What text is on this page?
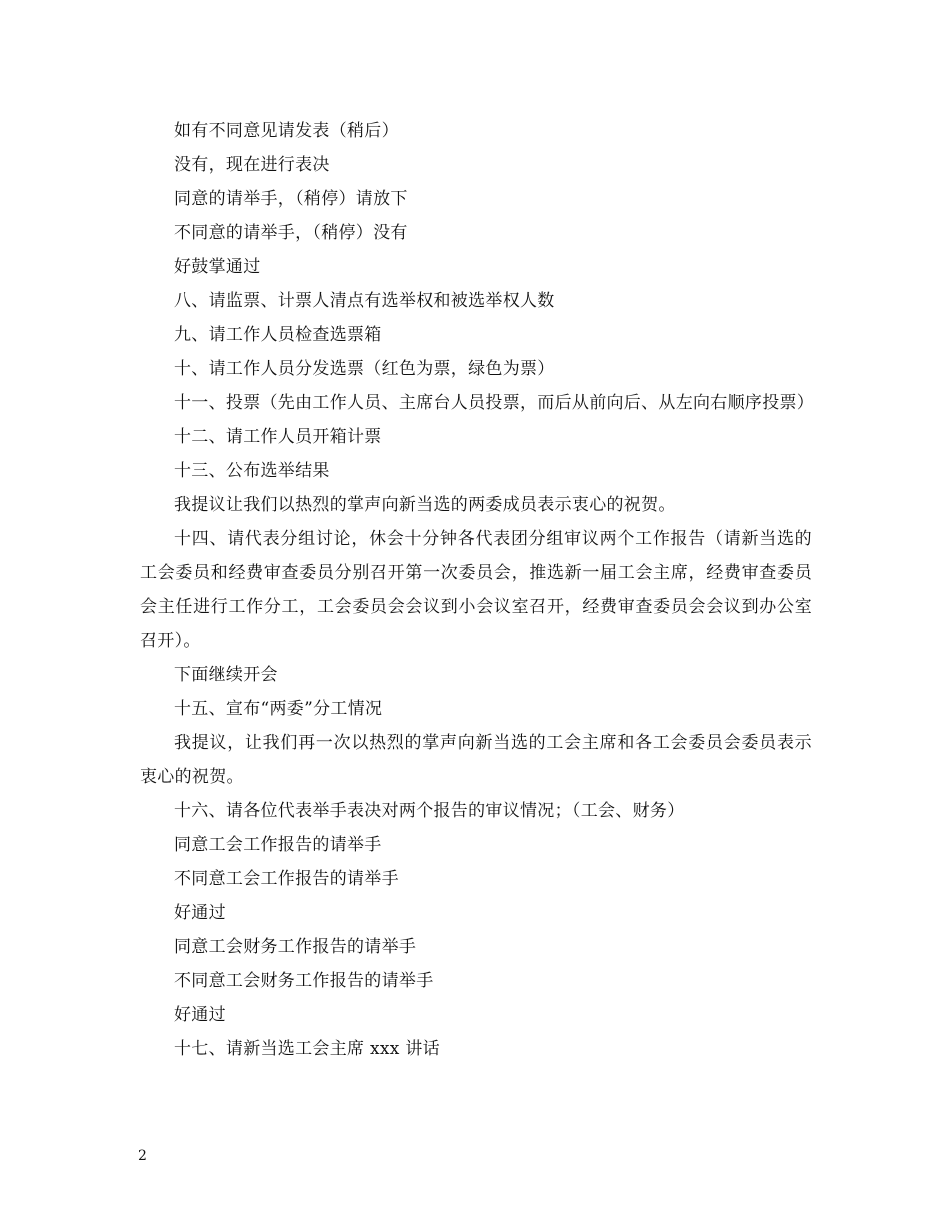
如有不同意见请发表（稍后）

没有，现在进行表决

同意的请举手，（稍停）请放下

不同意的请举手，（稍停）没有

好鼓掌通过

八、请监票、计票人清点有选举权和被选举权人数

九、请工作人员检查选票箱

十、请工作人员分发选票（红色为票，绿色为票）

十一、投票（先由工作人员、主席台人员投票，而后从前向后、从左向右顺序投票）

十二、请工作人员开箱计票

十三、公布选举结果

我提议让我们以热烈的掌声向新当选的两委成员表示衷心的祝贺。

十四、请代表分组讨论，休会十分钟各代表团分组审议两个工作报告（请新当选的工会委员和经费审查委员分别召开第一次委员会，推选新一届工会主席，经费审查委员会主任进行工作分工，工会委员会会议到小会议室召开，经费审查委员会会议到办公室召开）。

下面继续开会

十五、宣布“两委”分工情况

我提议，让我们再一次以热烈的掌声向新当选的工会主席和各工会委员会委员表示衷心的祝贺。

十六、请各位代表举手表决对两个报告的审议情况；（工会、财务）

同意工会工作报告的请举手

不同意工会工作报告的请举手

好通过

同意工会财务工作报告的请举手

不同意工会财务工作报告的请举手

好通过

十七、请新当选工会主席 xxx 讲话

2
